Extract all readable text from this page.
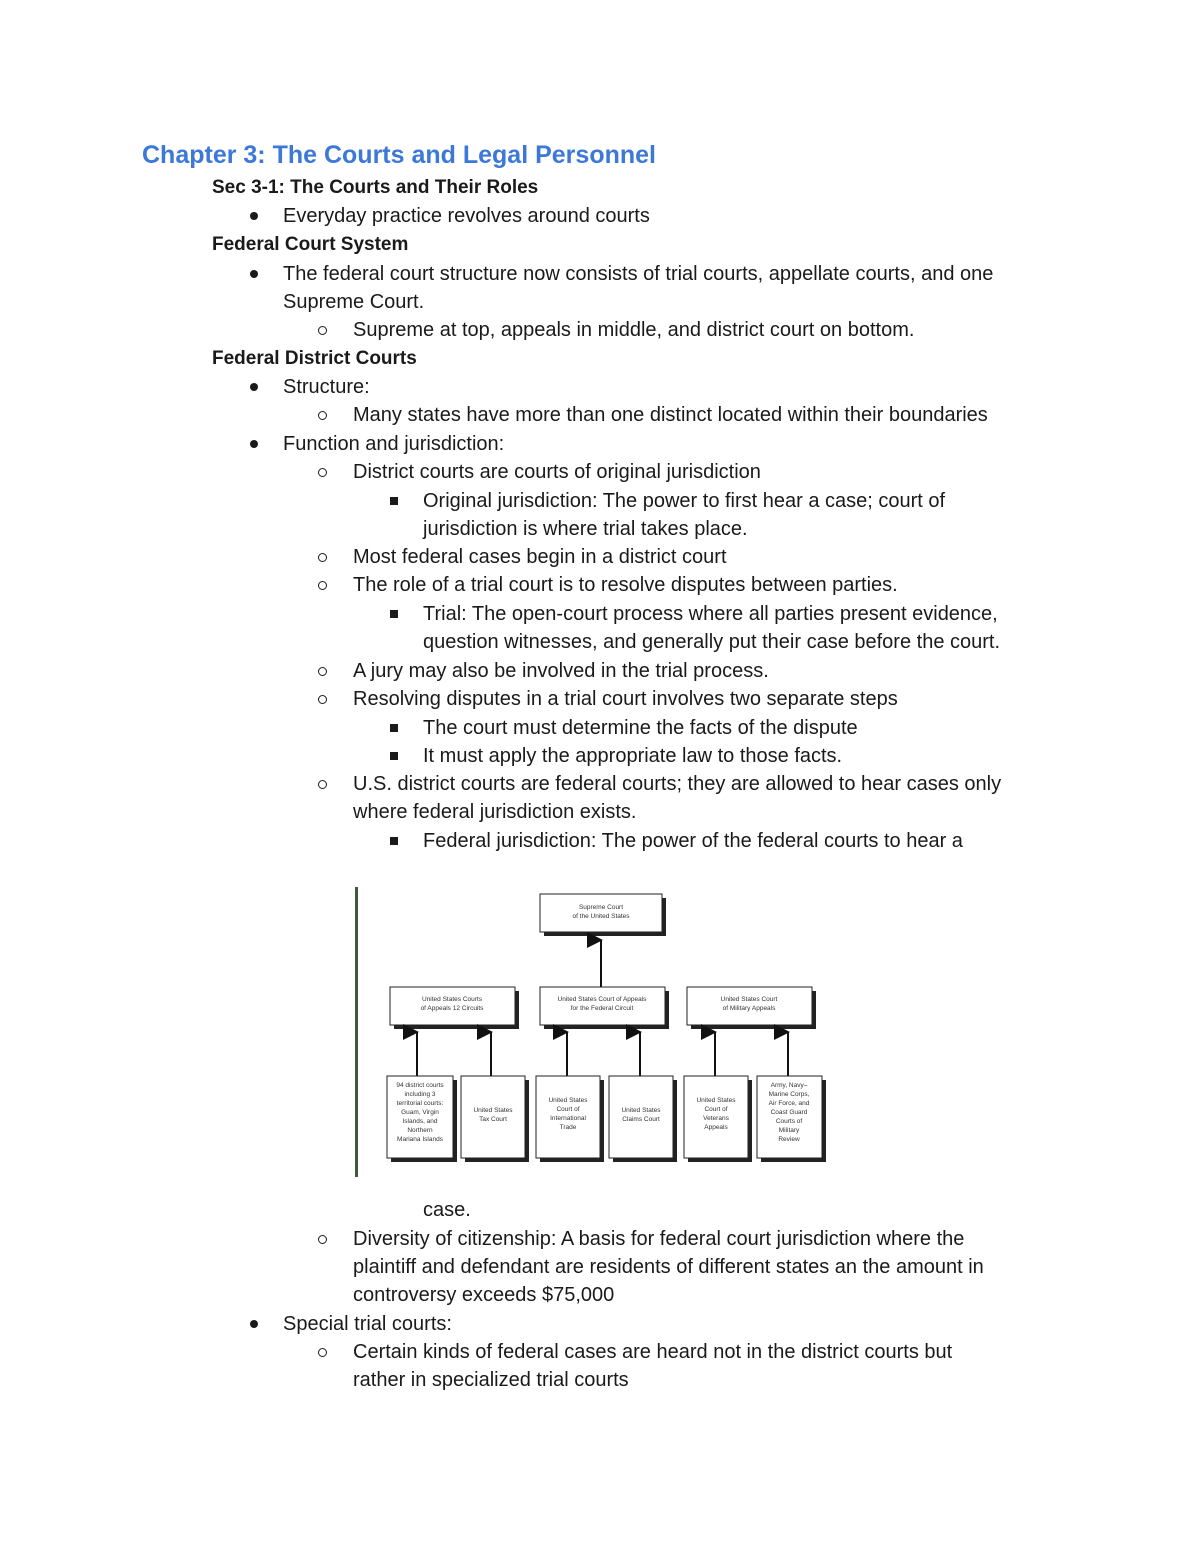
Chapter 3: The Courts and Legal Personnel
Sec 3-1: The Courts and Their Roles
Everyday practice revolves around courts
Federal Court System
The federal court structure now consists of trial courts, appellate courts, and one
Supreme Court.
Supreme at top, appeals in middle, and district court on bottom.
Federal District Courts
Structure:
Many states have more than one distinct located within their boundaries
Function and jurisdiction:
District courts are courts of original jurisdiction
Original jurisdiction: The power to first hear a case; court of
jurisdiction is where trial takes place.
Most federal cases begin in a district court
The role of a trial court is to resolve disputes between parties.
Trial: The open-court process where all parties present evidence,
question witnesses, and generally put their case before the court.
A jury may also be involved in the trial process.
Resolving disputes in a trial court involves two separate steps
The court must determine the facts of the dispute
It must apply the appropriate law to those facts.
U.S. district courts are federal courts; they are allowed to hear cases only
where federal jurisdiction exists.
Federal jurisdiction: The power of the federal courts to hear a
Supreme Court
of the United States
United States Courts
of Appeals 12 Circuits
United States Court of Appeals
for the Federal Circuit
United States Court
of Military Appeals
94 district courts
including 3
territorial courts:
Guam, Virgin
Islands, and
Northern
Mariana Islands
United States
Tax Court
United States
Court of
International
Trade
United States
Claims Court
United States
Court of
Veterans
Appeals
Army, Navy–
Marine Corps,
Air Force, and
Coast Guard
Courts of
Military
Review
case.
Diversity of citizenship: A basis for federal court jurisdiction where the
plaintiff and defendant are residents of different states an the amount in
controversy exceeds $75,000
Special trial courts:
Certain kinds of federal cases are heard not in the district courts but
rather in specialized trial courts
